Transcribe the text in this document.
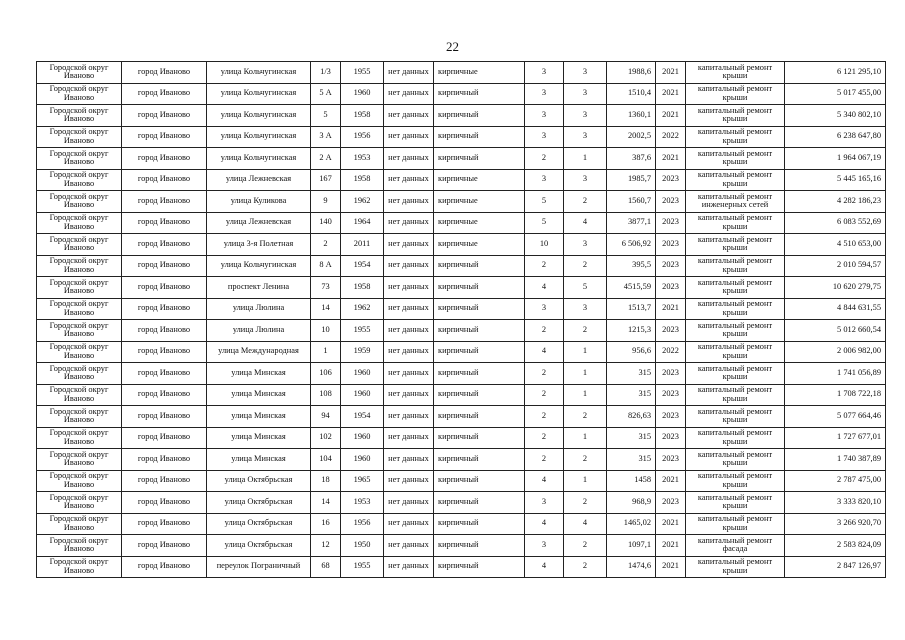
22
Городской округ Иваново	город Иваново	улица Кольчугинская	1/3	1955	нет данных	кирпичные	3	3	1988,6	2021	капитальный ремонт крыши	6 121 295,10
Городской округ Иваново	город Иваново	улица Кольчугинская	5 А	1960	нет данных	кирпичный	3	3	1510,4	2021	капитальный ремонт крыши	5 017 455,00
Городской округ Иваново	город Иваново	улица Кольчугинская	5	1958	нет данных	кирпичный	3	3	1360,1	2021	капитальный ремонт крыши	5 340 802,10
Городской округ Иваново	город Иваново	улица Кольчугинская	3 А	1956	нет данных	кирпичный	3	3	2002,5	2022	капитальный ремонт крыши	6 238 647,80
Городской округ Иваново	город Иваново	улица Кольчугинская	2 А	1953	нет данных	кирпичный	2	1	387,6	2021	капитальный ремонт крыши	1 964 067,19
Городской округ Иваново	город Иваново	улица Лежневская	167	1958	нет данных	кирпичные	3	3	1985,7	2023	капитальный ремонт крыши	5 445 165,16
Городской округ Иваново	город Иваново	улица Куликова	9	1962	нет данных	кирпичные	5	2	1560,7	2023	капитальный ремонт инженерных сетей	4 282 186,23
Городской округ Иваново	город Иваново	улица Лежневская	140	1964	нет данных	кирпичные	5	4	3877,1	2023	капитальный ремонт крыши	6 083 552,69
Городской округ Иваново	город Иваново	улица 3-я Полетная	2	2011	нет данных	кирпичные	10	3	6 506,92	2023	капитальный ремонт крыши	4 510 653,00
Городской округ Иваново	город Иваново	улица Кольчугинская	8 А	1954	нет данных	кирпичный	2	2	395,5	2023	капитальный ремонт крыши	2 010 594,57
Городской округ Иваново	город Иваново	проспект Ленина	73	1958	нет данных	кирпичный	4	5	4515,59	2023	капитальный ремонт крыши	10 620 279,75
Городской округ Иваново	город Иваново	улица Люлина	14	1962	нет данных	кирпичный	3	3	1513,7	2021	капитальный ремонт крыши	4 844 631,55
Городской округ Иваново	город Иваново	улица Люлина	10	1955	нет данных	кирпичный	2	2	1215,3	2023	капитальный ремонт крыши	5 012 660,54
Городской округ Иваново	город Иваново	улица Международная	1	1959	нет данных	кирпичный	4	1	956,6	2022	капитальный ремонт крыши	2 006 982,00
Городской округ Иваново	город Иваново	улица Минская	106	1960	нет данных	кирпичный	2	1	315	2023	капитальный ремонт крыши	1 741 056,89
Городской округ Иваново	город Иваново	улица Минская	108	1960	нет данных	кирпичный	2	1	315	2023	капитальный ремонт крыши	1 708 722,18
Городской округ Иваново	город Иваново	улица Минская	94	1954	нет данных	кирпичный	2	2	826,63	2023	капитальный ремонт крыши	5 077 664,46
Городской округ Иваново	город Иваново	улица Минская	102	1960	нет данных	кирпичный	2	1	315	2023	капитальный ремонт крыши	1 727 677,01
Городской округ Иваново	город Иваново	улица Минская	104	1960	нет данных	кирпичный	2	2	315	2023	капитальный ремонт крыши	1 740 387,89
Городской округ Иваново	город Иваново	улица Октябрьская	18	1965	нет данных	кирпичный	4	1	1458	2021	капитальный ремонт крыши	2 787 475,00
Городской округ Иваново	город Иваново	улица Октябрьская	14	1953	нет данных	кирпичный	3	2	968,9	2023	капитальный ремонт крыши	3 333 820,10
Городской округ Иваново	город Иваново	улица Октябрьская	16	1956	нет данных	кирпичный	4	4	1465,02	2021	капитальный ремонт крыши	3 266 920,70
Городской округ Иваново	город Иваново	улица Октябрьская	12	1950	нет данных	кирпичный	3	2	1097,1	2021	капитальный ремонт фасада	2 583 824,09
Городской округ Иваново	город Иваново	переулок Пограничный	68	1955	нет данных	кирпичный	4	2	1474,6	2021	капитальный ремонт крыши	2 847 126,97
